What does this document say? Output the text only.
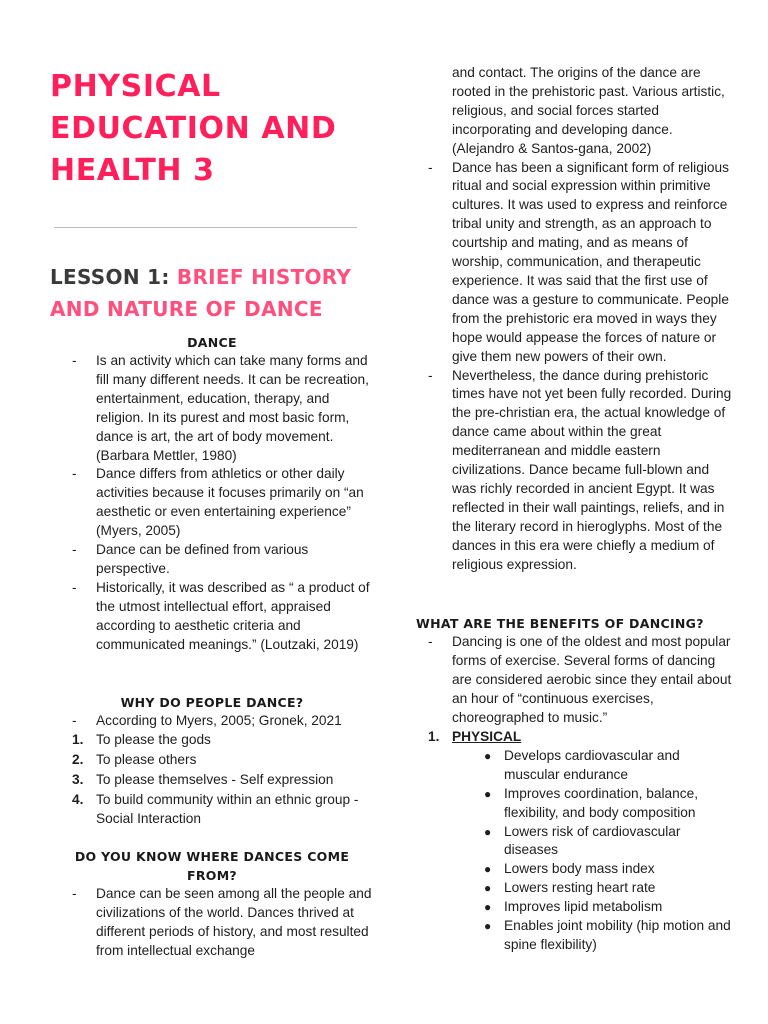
PHYSICAL EDUCATION AND HEALTH 3
LESSON 1: BRIEF HISTORY AND NATURE OF DANCE
DANCE
- Is an activity which can take many forms and fill many different needs. It can be recreation, entertainment, education, therapy, and religion. In its purest and most basic form, dance is art, the art of body movement. (Barbara Mettler, 1980)
- Dance differs from athletics or other daily activities because it focuses primarily on “an aesthetic or even entertaining experience” (Myers, 2005)
- Dance can be defined from various perspective.
- Historically, it was described as “ a product of the utmost intellectual effort, appraised according to aesthetic criteria and communicated meanings.” (Loutzaki, 2019)
WHY DO PEOPLE DANCE?
- According to Myers, 2005; Gronek, 2021
1. To please the gods
2. To please others
3. To please themselves - Self expression
4. To build community within an ethnic group - Social Interaction
DO YOU KNOW WHERE DANCES COME FROM?
- Dance can be seen among all the people and civilizations of the world. Dances thrived at different periods of history, and most resulted from intellectual exchange
and contact. The origins of the dance are rooted in the prehistoric past. Various artistic, religious, and social forces started incorporating and developing dance. (Alejandro & Santos-gana, 2002)
- Dance has been a significant form of religious ritual and social expression within primitive cultures. It was used to express and reinforce tribal unity and strength, as an approach to courtship and mating, and as means of worship, communication, and therapeutic experience. It was said that the first use of dance was a gesture to communicate. People from the prehistoric era moved in ways they hope would appease the forces of nature or give them new powers of their own.
- Nevertheless, the dance during prehistoric times have not yet been fully recorded. During the pre-christian era, the actual knowledge of dance came about within the great mediterranean and middle eastern civilizations. Dance became full-blown and was richly recorded in ancient Egypt. It was reflected in their wall paintings, reliefs, and in the literary record in hieroglyphs. Most of the dances in this era were chiefly a medium of religious expression.
WHAT ARE THE BENEFITS OF DANCING?
- Dancing is one of the oldest and most popular forms of exercise. Several forms of dancing are considered aerobic since they entail about an hour of “continuous exercises, choreographed to music.”
1. PHYSICAL
● Develops cardiovascular and muscular endurance
● Improves coordination, balance, flexibility, and body composition
● Lowers risk of cardiovascular diseases
● Lowers body mass index
● Lowers resting heart rate
● Improves lipid metabolism
● Enables joint mobility (hip motion and spine flexibility)
